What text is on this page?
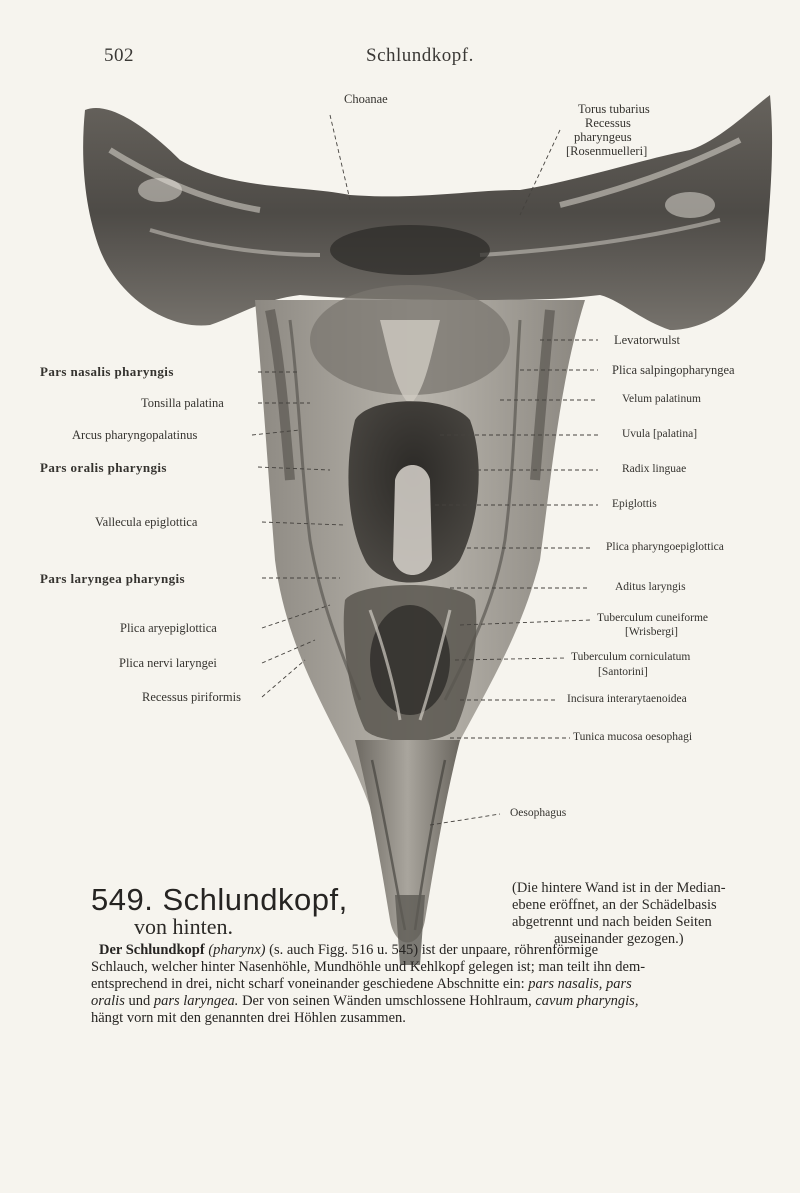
502	Schlundkopf.
Choanae
Torus tubarius
Recessus
pharyngeus
[Rosenmuelleri]
Pars nasalis pharyngis
Tonsilla palatina
Arcus pharyngopalatinus
Pars oralis pharyngis
Vallecula epiglottica
Pars laryngea pharyngis
Plica aryepiglottica
Plica nervi laryngei
Recessus piriformis
Levatorwulst
Plica salpingopharyngea
Velum palatinum
Uvula [palatina]
Radix linguae
Epiglottis
Plica pharyngoepiglottica
Aditus laryngis
Tuberculum cuneiforme
[Wrisbergi]
Tuberculum corniculatum
[Santorini]
Incisura interarytaenoidea
Tunica mucosa oesophagi
Oesophagus
549. Schlundkopf,
von hinten.
(Die hintere Wand ist in der Median-
ebene eröffnet, an der Schädelbasis
abgetrennt und nach beiden Seiten
auseinander gezogen.)

Der Schlundkopf (pharynx) (s. auch Figg. 516 u. 545) ist der unpaare, röhrenförmige

Schlauch, welcher hinter Nasenhöhle, Mundhöhle und Kehlkopf gelegen ist; man teilt ihn dem-

entsprechend in drei, nicht scharf voneinander geschiedene Abschnitte ein: pars nasalis, pars

oralis und pars laryngea. Der von seinen Wänden umschlossene Hohlraum, cavum pharyngis,

hängt vorn mit den genannten drei Höhlen zusammen.
